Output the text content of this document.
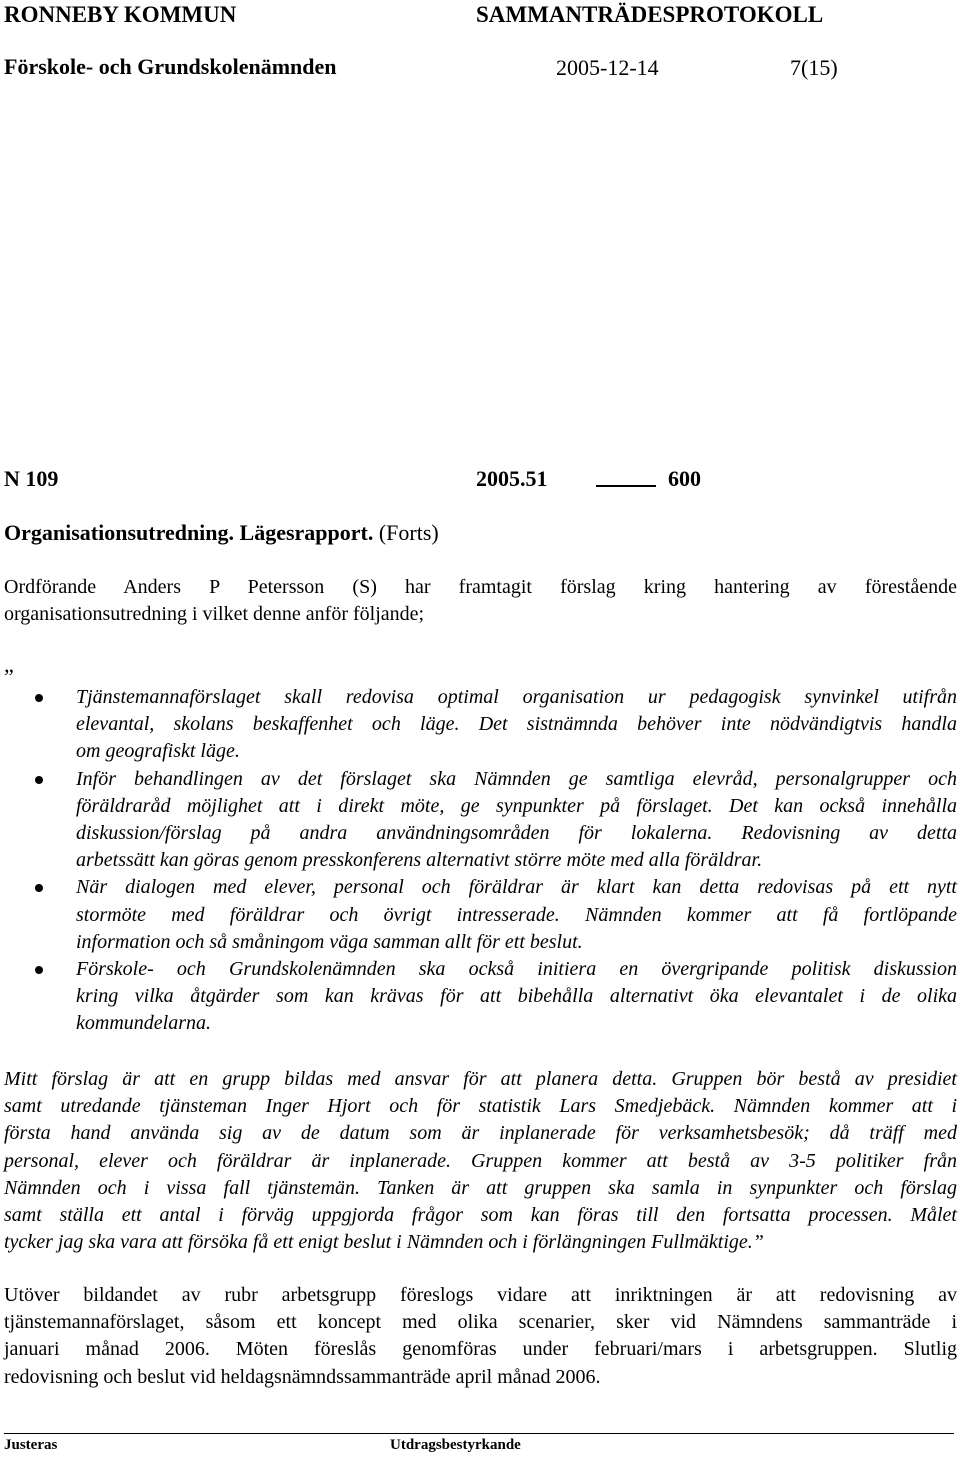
RONNEBY KOMMUN	SAMMANTRÄDESPROTOKOLL
Förskole- och Grundskolenämnden	2005-12-14	7(15)
N 109	2005.51	600
Organisationsutredning. Lägesrapport. (Forts)
Ordförande Anders P Petersson (S) har framtagit förslag kring hantering av förestående
organisationsutredning i vilket denne anför följande;
„
Tjänstemannaförslaget skall redovisa optimal organisation ur pedagogisk synvinkel utifrån
elevantal, skolans beskaffenhet och läge. Det sistnämnda behöver inte nödvändigtvis handla
om geografiskt läge.
Inför behandlingen av det förslaget ska Nämnden ge samtliga elevråd, personalgrupper och
föräldraråd möjlighet att i direkt möte, ge synpunkter på förslaget. Det kan också innehålla
diskussion/förslag på andra användningsområden för lokalerna. Redovisning av detta
arbetssätt kan göras genom presskonferens alternativt större möte med alla föräldrar.
När dialogen med elever, personal och föräldrar är klart kan detta redovisas på ett nytt
stormöte med föräldrar och övrigt intresserade. Nämnden kommer att få fortlöpande
information och så småningom väga samman allt för ett beslut.
Förskole- och Grundskolenämnden ska också initiera en övergripande politisk diskussion
kring vilka åtgärder som kan krävas för att bibehålla alternativt öka elevantalet i de olika
kommundelarna.
Mitt förslag är att en grupp bildas med ansvar för att planera detta. Gruppen bör bestå av presidiet
samt utredande tjänsteman Inger Hjort och för statistik Lars Smedjebäck. Nämnden kommer att i
första hand använda sig av de datum som är inplanerade för verksamhetsbesök; då träff med
personal, elever och föräldrar är inplanerade. Gruppen kommer att bestå av 3-5 politiker från
Nämnden och i vissa fall tjänstemän. Tanken är att gruppen ska samla in synpunkter och förslag
samt ställa ett antal i förväg uppgjorda frågor som kan föras till den fortsatta processen. Målet
tycker jag ska vara att försöka få ett enigt beslut i Nämnden och i förlängningen Fullmäktige.”
Utöver bildandet av rubr arbetsgrupp föreslogs vidare att inriktningen är att redovisning av
tjänstemannaförslaget, såsom ett koncept med olika scenarier, sker vid Nämndens sammanträde i
januari månad 2006. Möten föreslås genomföras under februari/mars i arbetsgruppen. Slutlig
redovisning och beslut vid heldagsnämndssammanträde april månad 2006.
Justeras	Utdragsbestyrkande
